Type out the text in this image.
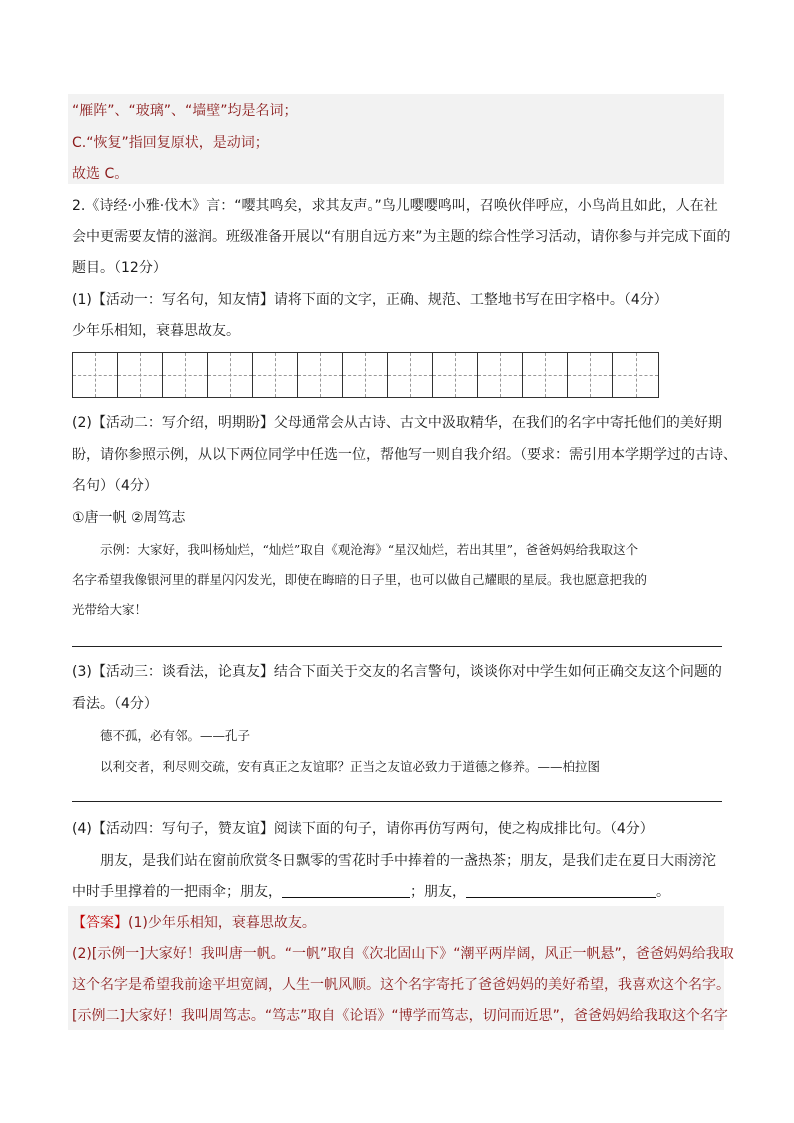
“雁阵”、“玻璃”、“墙壁”均是名词；
C.“恢复”指回复原状，是动词；
故选 C。
2.《诗经·小雅·伐木》言：“嘤其鸣矣，求其友声。”鸟儿嘤嘤鸣叫，召唤伙伴呼应，小鸟尚且如此，人在社
会中更需要友情的滋润。班级准备开展以“有朋自远方来”为主题的综合性学习活动，请你参与并完成下面的
题目。（12分）
(1)【活动一：写名句，知友情】请将下面的文字，正确、规范、工整地书写在田字格中。（4分）
少年乐相知，衰暮思故友。
(2)【活动二：写介绍，明期盼】父母通常会从古诗、古文中汲取精华，在我们的名字中寄托他们的美好期
盼，请你参照示例，从以下两位同学中任选一位，帮他写一则自我介绍。（要求：需引用本学期学过的古诗、
名句）（4分）
①唐一帆 ②周笃志
示例：大家好，我叫杨灿烂，“灿烂”取自《观沧海》“星汉灿烂，若出其里”，爸爸妈妈给我取这个
名字希望我像银河里的群星闪闪发光，即使在晦暗的日子里，也可以做自己耀眼的星辰。我也愿意把我的
光带给大家！
(3)【活动三：谈看法，论真友】结合下面关于交友的名言警句，谈谈你对中学生如何正确交友这个问题的
看法。（4分）
德不孤，必有邻。——孔子
以利交者，利尽则交疏，安有真正之友谊耶？正当之友谊必致力于道德之修养。——柏拉图
(4)【活动四：写句子，赞友谊】阅读下面的句子，请你再仿写两句，使之构成排比句。（4分）
朋友，是我们站在窗前欣赏冬日飘零的雪花时手中捧着的一盏热茶；朋友，是我们走在夏日大雨滂沱
中时手里撑着的一把雨伞；朋友，	；朋友，	。
【答案】(1)少年乐相知，衰暮思故友。
(2)[示例一]大家好！我叫唐一帆。“一帆”取自《次北固山下》“潮平两岸阔，风正一帆悬”，爸爸妈妈给我取
这个名字是希望我前途平坦宽阔，人生一帆风顺。这个名字寄托了爸爸妈妈的美好希望，我喜欢这个名字。
[示例二]大家好！我叫周笃志。“笃志”取自《论语》“博学而笃志，切问而近思”，爸爸妈妈给我取这个名字
